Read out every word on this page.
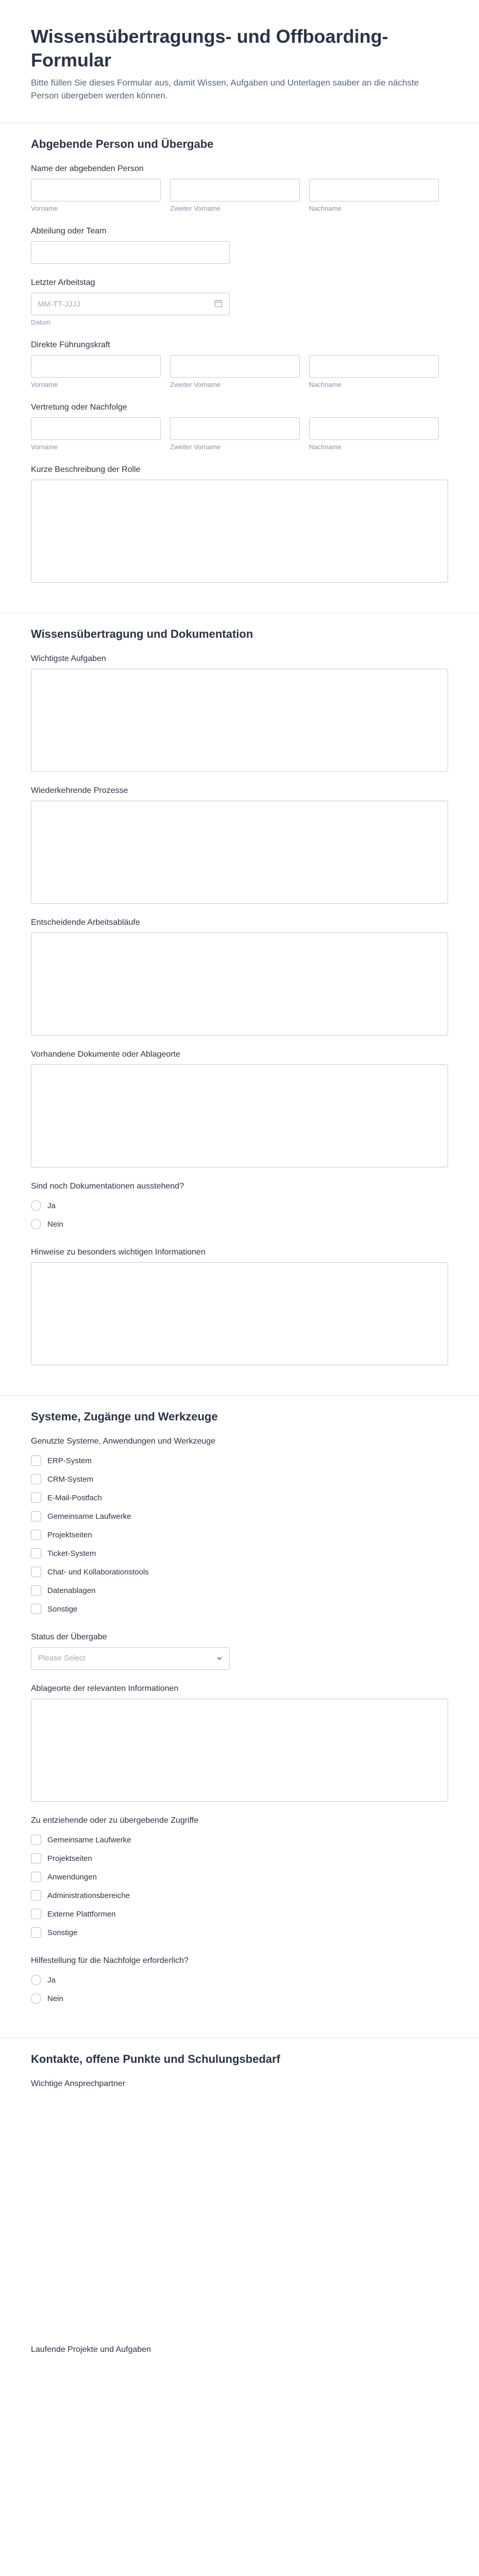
Wissensübertragungs- und Offboarding-Formular
Bitte füllen Sie dieses Formular aus, damit Wissen, Aufgaben und Unterlagen sauber an die nächste Person übergeben werden können.
Abgebende Person und Übergabe
Name der abgebenden Person
Vorname	Zweiter Vorname	Nachname
Abteilung oder Team
Letzter Arbeitstag
MM-TT-JJJJ
Datum
Direkte Führungskraft
Vorname	Zweiter Vorname	Nachname
Vertretung oder Nachfolge
Vorname	Zweiter Vorname	Nachname
Kurze Beschreibung der Rolle
Wissensübertragung und Dokumentation
Wichtigste Aufgaben
Wiederkehrende Prozesse
Entscheidende Arbeitsabläufe
Vorhandene Dokumente oder Ablageorte
Sind noch Dokumentationen ausstehend?
Ja
Nein
Hinweise zu besonders wichtigen Informationen
Systeme, Zugänge und Werkzeuge
Genutzte Systeme, Anwendungen und Werkzeuge
ERP-System
CRM-System
E-Mail-Postfach
Gemeinsame Laufwerke
Projektseiten
Ticket-System
Chat- und Kollaborationstools
Datenablagen
Sonstige
Status der Übergabe
Please Select
Ablageorte der relevanten Informationen
Zu entziehende oder zu übergebende Zugriffe
Gemeinsame Laufwerke
Projektseiten
Anwendungen
Administrationsbereiche
Externe Plattformen
Sonstige
Hilfestellung für die Nachfolge erforderlich?
Ja
Nein
Kontakte, offene Punkte und Schulungsbedarf
Wichtige Ansprechpartner
Laufende Projekte und Aufgaben
